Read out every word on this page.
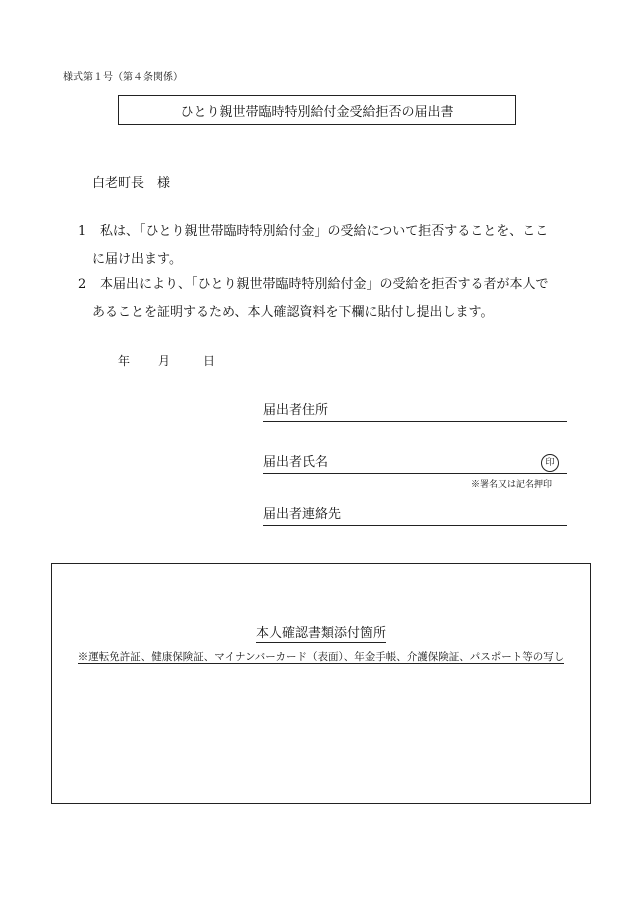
様式第１号（第４条関係）
ひとり親世帯臨時特別給付金受給拒否の届出書
白老町長　様
1 私は、「ひとり親世帯臨時特別給付金」の受給について拒否することを、ここ
に届け出ます。
2 本届出により、「ひとり親世帯臨時特別給付金」の受給を拒否する者が本人で
あることを証明するため、本人確認資料を下欄に貼付し提出します。
年 月	日
届出者住所
届出者氏名	印
※署名又は記名押印
届出者連絡先
本人確認書類添付箇所
※運転免許証、健康保険証、マイナンバーカード（表面）、年金手帳、介護保険証、パスポート等の写し
